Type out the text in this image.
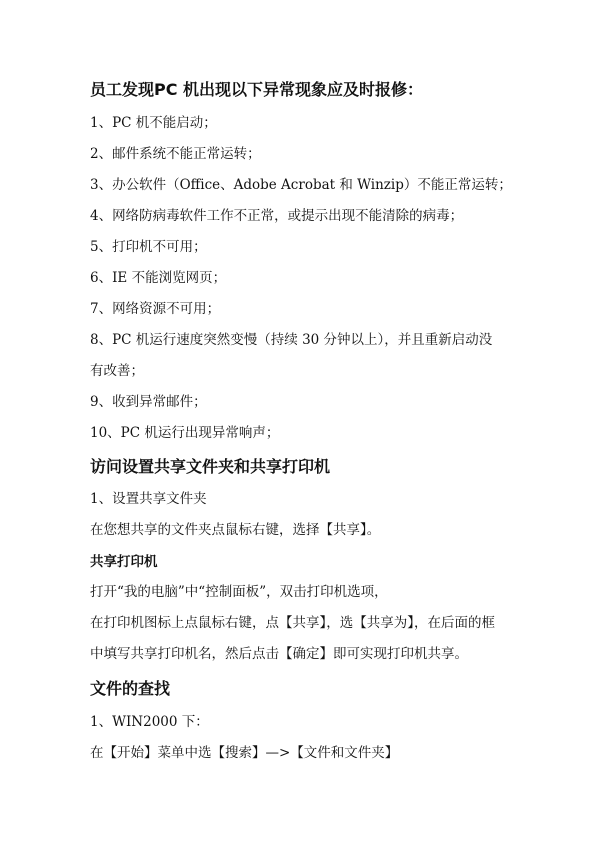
员工发现PC 机出现以下异常现象应及时报修：
1、PC 机不能启动；
2、邮件系统不能正常运转；
3、办公软件（Office、Adobe Acrobat 和 Winzip）不能正常运转；
4、网络防病毒软件工作不正常，或提示出现不能清除的病毒；
5、打印机不可用；
6、IE 不能浏览网页；
7、网络资源不可用；
8、PC 机运行速度突然变慢（持续 30 分钟以上），并且重新启动没
有改善；
9、收到异常邮件；
10、PC 机运行出现异常响声；
访问设置共享文件夹和共享打印机
1、设置共享文件夹
在您想共享的文件夹点鼠标右键，选择【共享】。
共享打印机
打开“我的电脑”中“控制面板”，双击打印机选项，
在打印机图标上点鼠标右键，点【共享】，选【共享为】，在后面的框
中填写共享打印机名，然后点击【确定】即可实现打印机共享。
文件的查找
1、WIN2000 下：
在【开始】菜单中选【搜索】—>【文件和文件夹】
